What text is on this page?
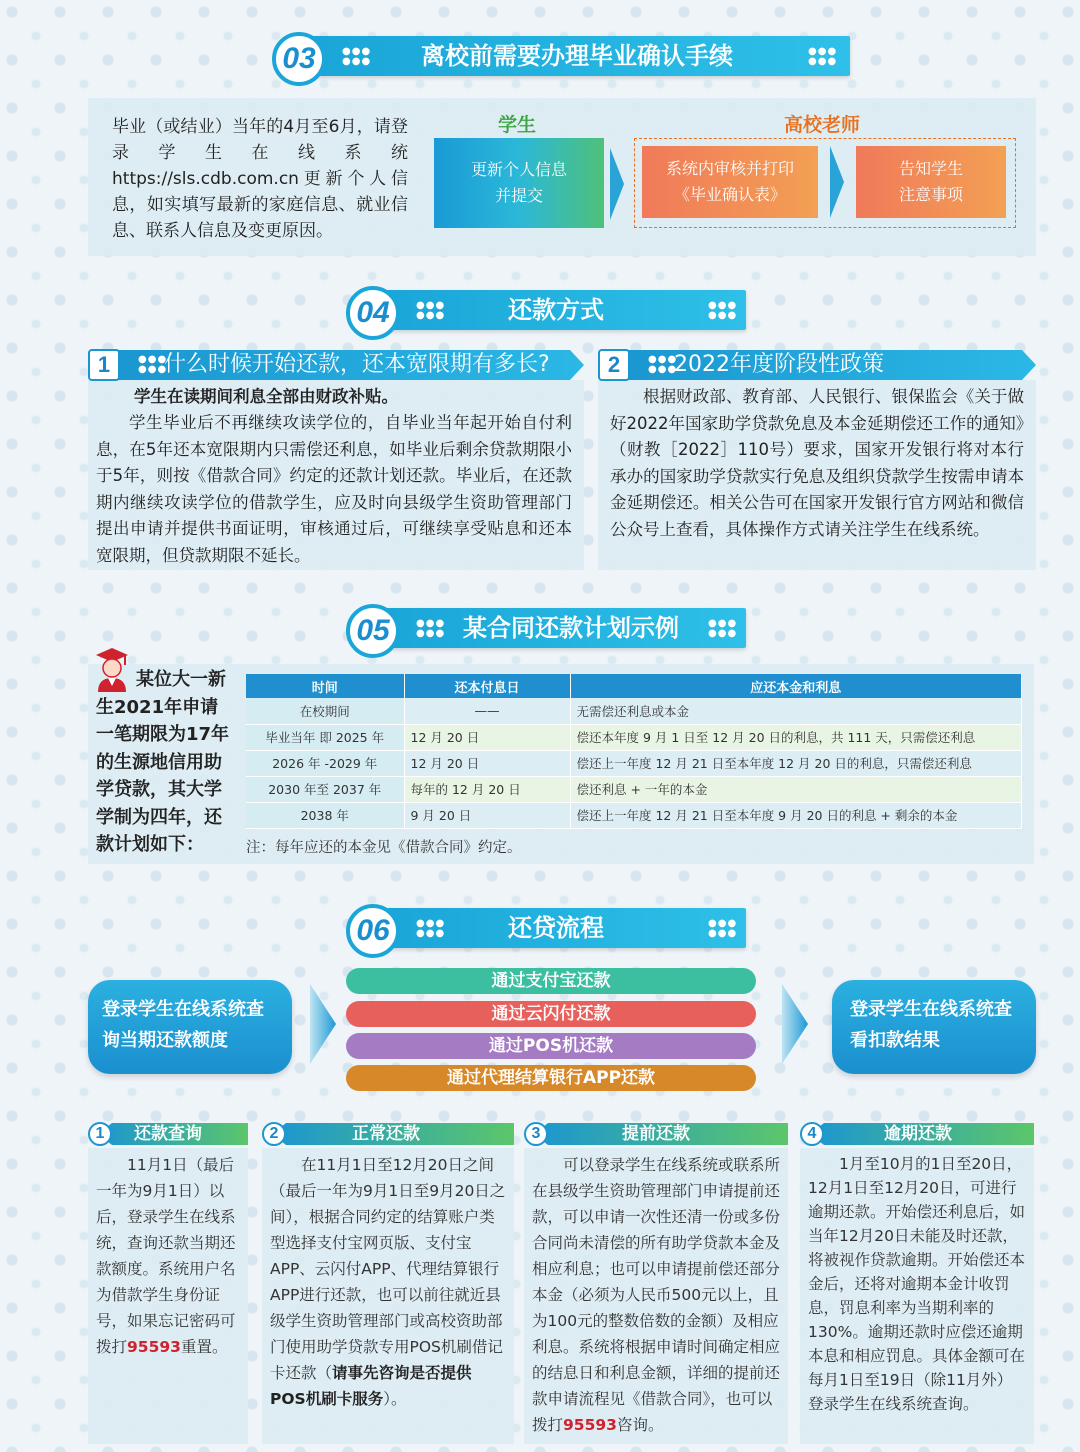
03	●●●
●●●	离校前需要办理毕业确认手续	●●●
●●●
毕业（或结业）当年的4月至6月，请登录学生在线系统https://sls.cdb.com.cn更新个人信息，如实填写最新的家庭信息、就业信息、联系人信息及变更原因。
学生	高校老师
更新个人信息
并提交
系统内审核并打印
《毕业确认表》
告知学生
注意事项
04	●●●
●●●	还款方式	●●●
●●●
1	●●●
●●●
什么时候开始还款，还本宽限期有多长?
学生在读期间利息全部由财政补贴。
学生毕业后不再继续攻读学位的，自毕业当年起开始自付利息，在5年还本宽限期内只需偿还利息，如毕业后剩余贷款期限小于5年，则按《借款合同》约定的还款计划还款。毕业后，在还款期内继续攻读学位的借款学生，应及时向县级学生资助管理部门提出申请并提供书面证明，审核通过后，可继续享受贴息和还本宽限期，但贷款期限不延长。
2	●●●
●●●
2022年度阶段性政策
根据财政部、教育部、人民银行、银保监会《关于做好2022年国家助学贷款免息及本金延期偿还工作的通知》（财教［2022］110号）要求，国家开发银行将对本行承办的国家助学贷款实行免息及组织贷款学生按需申请本金延期偿还。相关公告可在国家开发银行官方网站和微信公众号上查看，具体操作方式请关注学生在线系统。
05	●●●
●●● 某合同还款计划示例	●●●
●●●
某位大一新生2021年申请一笔期限为17年的生源地信用助学贷款，其大学学制为四年，还款计划如下：
时间	还本付息日	应还本金和利息
在校期间	——	无需偿还利息或本金
毕业当年 即 2025 年	12 月 20 日	偿还本年度 9 月 1 日至 12 月 20 日的利息，共 111 天，只需偿还利息
2026 年 -2029 年	12 月 20 日	偿还上一年度 12 月 21 日至本年度 12 月 20 日的利息，只需偿还利息
2030 年至 2037 年	每年的 12 月 20 日	偿还利息 + 一年的本金
2038 年	9 月 20 日	偿还上一年度 12 月 21 日至本年度 9 月 20 日的利息 + 剩余的本金
注：每年应还的本金见《借款合同》约定。
06	●●●
●●●	还贷流程	●●●
●●●
登录学生在线系统查询当期还款额度
通过支付宝还款
通过云闪付还款
通过POS机还款
通过代理结算银行APP还款
登录学生在线系统查看扣款结果
1	还款查询
11月1日（最后一年为9月1日）以后，登录学生在线系统，查询还款当期还款额度。系统用户名为借款学生身份证号，如果忘记密码可拨打95593重置。
2	正常还款
在11月1日至12月20日之间（最后一年为9月1日至9月20日之间），根据合同约定的结算账户类型选择支付宝网页版、支付宝APP、云闪付APP、代理结算银行APP进行还款，也可以前往就近县级学生资助管理部门或高校资助部门使用助学贷款专用POS机刷借记卡还款（请事先咨询是否提供POS机刷卡服务）。
3	提前还款
可以登录学生在线系统或联系所在县级学生资助管理部门申请提前还款，可以申请一次性还清一份或多份合同尚未清偿的所有助学贷款本金及相应利息；也可以申请提前偿还部分本金（必须为人民币500元以上，且为100元的整数倍数的金额）及相应利息。系统将根据申请时间确定相应的结息日和利息金额，详细的提前还款申请流程见《借款合同》，也可以拨打95593咨询。
4	逾期还款
1月至10月的1日至20日，12月1日至12月20日，可进行逾期还款。开始偿还利息后，如当年12月20日未能及时还款，将被视作贷款逾期。开始偿还本金后，还将对逾期本金计收罚息，罚息利率为当期利率的130%。逾期还款时应偿还逾期本息和相应罚息。具体金额可在每月1日至19日（除11月外）登录学生在线系统查询。
